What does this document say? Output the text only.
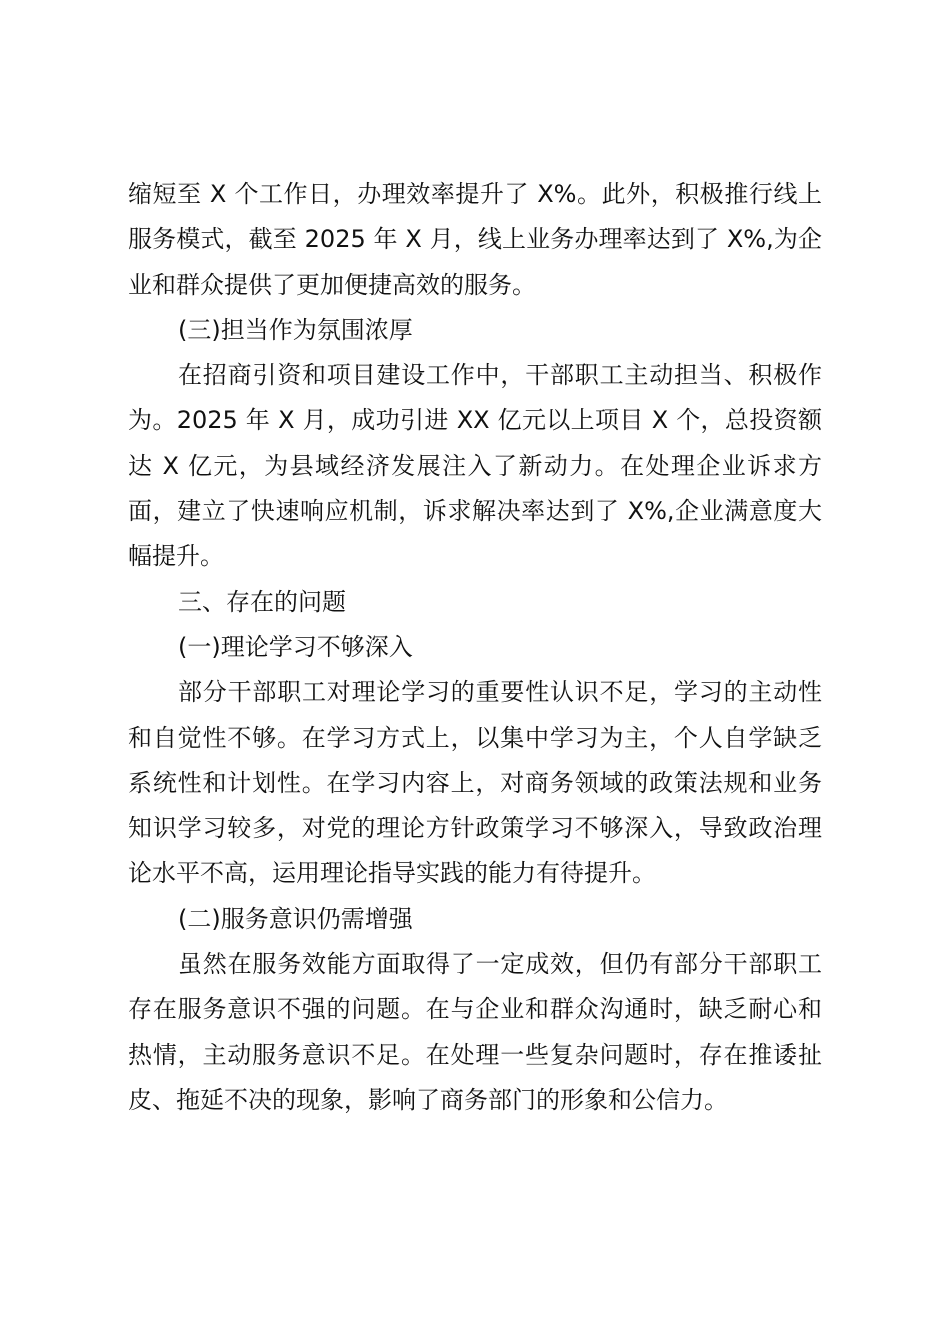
缩短至 X 个工作日，办理效率提升了 X%。此外，积极推行线上服务模式，截至 2025 年 X 月，线上业务办理率达到了 X%,为企业和群众提供了更加便捷高效的服务。

(三)担当作为氛围浓厚

在招商引资和项目建设工作中，干部职工主动担当、积极作为。2025 年 X 月，成功引进 XX 亿元以上项目 X 个，总投资额达 X 亿元，为县域经济发展注入了新动力。在处理企业诉求方面，建立了快速响应机制，诉求解决率达到了 X%,企业满意度大幅提升。

三、存在的问题

(一)理论学习不够深入

部分干部职工对理论学习的重要性认识不足，学习的主动性和自觉性不够。在学习方式上，以集中学习为主，个人自学缺乏系统性和计划性。在学习内容上，对商务领域的政策法规和业务知识学习较多，对党的理论方针政策学习不够深入，导致政治理论水平不高，运用理论指导实践的能力有待提升。

(二)服务意识仍需增强

虽然在服务效能方面取得了一定成效，但仍有部分干部职工存在服务意识不强的问题。在与企业和群众沟通时，缺乏耐心和热情，主动服务意识不足。在处理一些复杂问题时，存在推诿扯皮、拖延不决的现象，影响了商务部门的形象和公信力。
